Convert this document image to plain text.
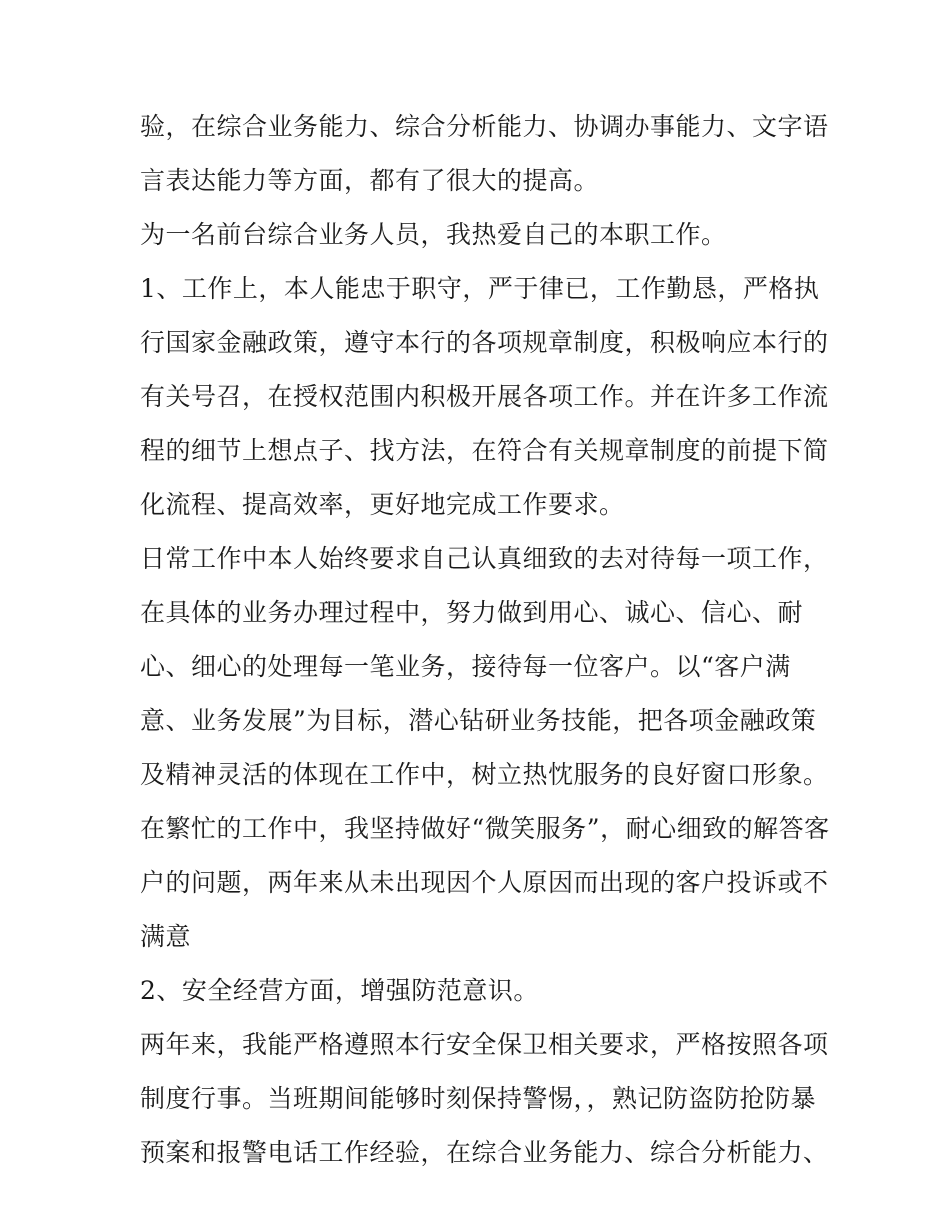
验，在综合业务能力、综合分析能力、协调办事能力、文字语
言表达能力等方面，都有了很大的提高。
为一名前台综合业务人员，我热爱自己的本职工作。
1、工作上，本人能忠于职守，严于律已，工作勤恳，严格执
行国家金融政策，遵守本行的各项规章制度，积极响应本行的
有关号召，在授权范围内积极开展各项工作。并在许多工作流
程的细节上想点子、找方法，在符合有关规章制度的前提下简
化流程、提高效率，更好地完成工作要求。
日常工作中本人始终要求自己认真细致的去对待每一项工作，
在具体的业务办理过程中，努力做到用心、诚心、信心、耐
心、细心的处理每一笔业务，接待每一位客户。以“客户满
意、业务发展”为目标，潜心钻研业务技能，把各项金融政策
及精神灵活的体现在工作中，树立热忱服务的良好窗口形象。
在繁忙的工作中，我坚持做好“微笑服务”，耐心细致的解答客
户的问题，两年来从未出现因个人原因而出现的客户投诉或不
满意
2、安全经营方面，增强防范意识。
两年来，我能严格遵照本行安全保卫相关要求，严格按照各项
制度行事。当班期间能够时刻保持警惕，，熟记防盗防抢防暴
预案和报警电话工作经验，在综合业务能力、综合分析能力、
